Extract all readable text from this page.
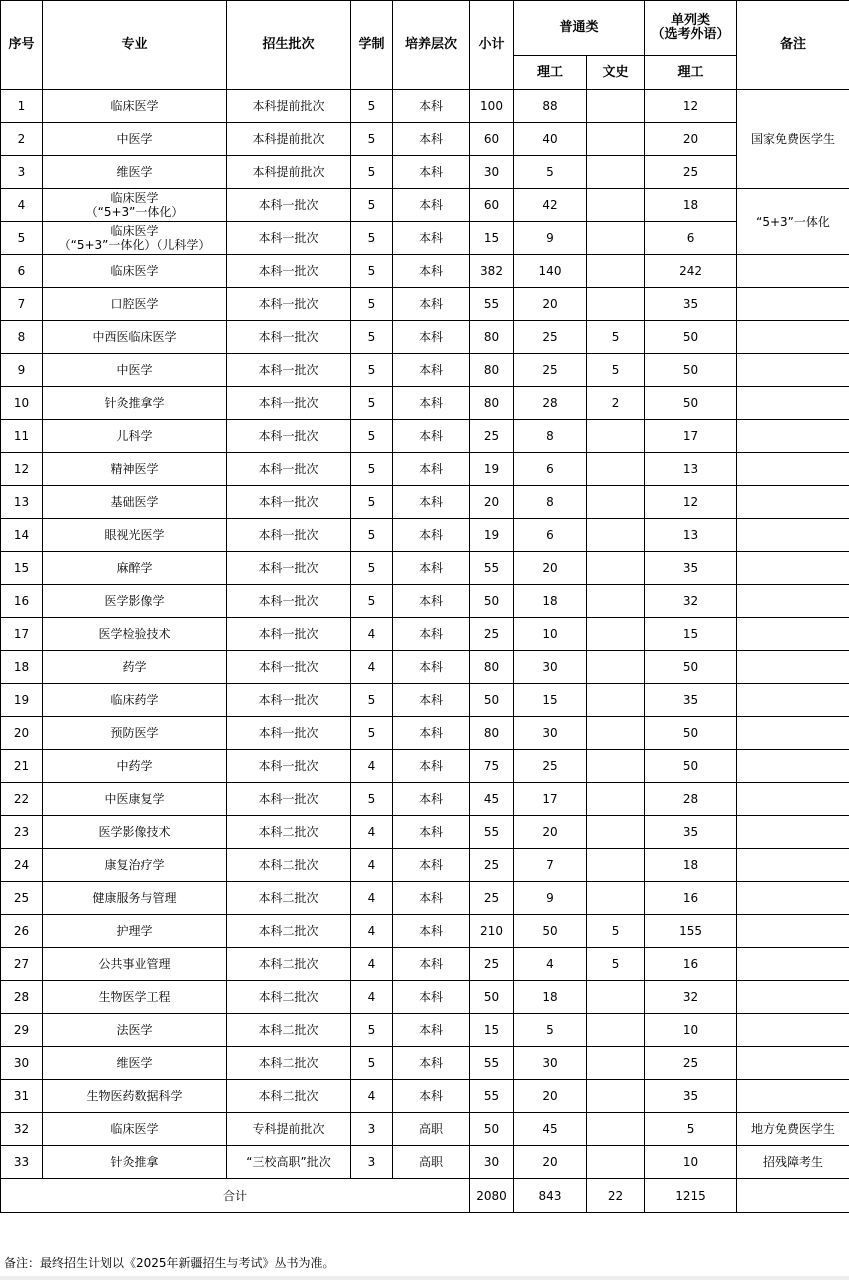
序号	专业	招生批次	学制	培养层次	小计	普通类		单列类
（选考外语）	备注
						理工	文史	理工	
1	临床医学	本科提前批次	5	本科	100	88		12	国家免费医学生
2	中医学	本科提前批次	5	本科	60	40		20	
3	维医学	本科提前批次	5	本科	30	5		25	
4	临床医学
（“5+3”一体化）	本科一批次	5	本科	60	42		18	“5+3”一体化
5	临床医学
（“5+3”一体化）（儿科学）	本科一批次	5	本科	15	9		6	
6	临床医学	本科一批次	5	本科	382	140		242	
7	口腔医学	本科一批次	5	本科	55	20		35	
8	中西医临床医学	本科一批次	5	本科	80	25	5	50	
9	中医学	本科一批次	5	本科	80	25	5	50	
10	针灸推拿学	本科一批次	5	本科	80	28	2	50	
11	儿科学	本科一批次	5	本科	25	8		17	
12	精神医学	本科一批次	5	本科	19	6		13	
13	基础医学	本科一批次	5	本科	20	8		12	
14	眼视光医学	本科一批次	5	本科	19	6		13	
15	麻醉学	本科一批次	5	本科	55	20		35	
16	医学影像学	本科一批次	5	本科	50	18		32	
17	医学检验技术	本科一批次	4	本科	25	10		15	
18	药学	本科一批次	4	本科	80	30		50	
19	临床药学	本科一批次	5	本科	50	15		35	
20	预防医学	本科一批次	5	本科	80	30		50	
21	中药学	本科一批次	4	本科	75	25		50	
22	中医康复学	本科一批次	5	本科	45	17		28	
23	医学影像技术	本科二批次	4	本科	55	20		35	
24	康复治疗学	本科二批次	4	本科	25	7		18	
25	健康服务与管理	本科二批次	4	本科	25	9		16	
26	护理学	本科二批次	4	本科	210	50	5	155	
27	公共事业管理	本科二批次	4	本科	25	4	5	16	
28	生物医学工程	本科二批次	4	本科	50	18		32	
29	法医学	本科二批次	5	本科	15	5		10	
30	维医学	本科二批次	5	本科	55	30		25	
31	生物医药数据科学	本科二批次	4	本科	55	20		35	
32	临床医学	专科提前批次	3	高职	50	45		5	地方免费医学生
33	针灸推拿	“三校高职”批次	3	高职	30	20		10	招残障考生
合计					2080	843	22	1215	
备注：最终招生计划以《2025年新疆招生与考试》丛书为准。
